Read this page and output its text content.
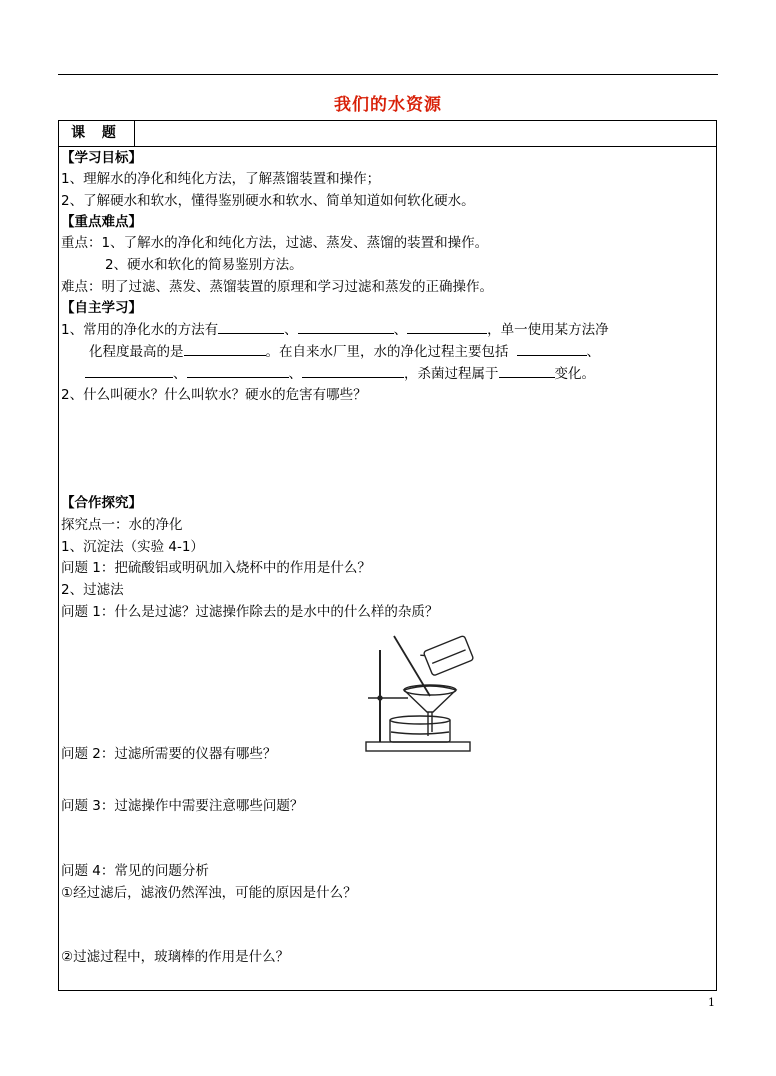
我们的水资源
课 题
【学习目标】
1、理解水的净化和纯化方法，了解蒸馏装置和操作；
2、了解硬水和软水，懂得鉴别硬水和软水、简单知道如何软化硬水。
【重点难点】
重点：1、了解水的净化和纯化方法，过滤、蒸发、蒸馏的装置和操作。
2、硬水和软化的简易鉴别方法。
难点：明了过滤、蒸发、蒸馏装置的原理和学习过滤和蒸发的正确操作。
【自主学习】
1、常用的净化水的方法有	、	、	，单一使用某方法净
化程度最高的是	。在自来水厂里，水的净化过程主要包括	、
、	、	，杀菌过程属于	变化。
2、什么叫硬水？什么叫软水？硬水的危害有哪些？
【合作探究】
探究点一：水的净化
1、沉淀法（实验 4-1）
问题 1：把硫酸铝或明矾加入烧杯中的作用是什么？
2、过滤法
问题 1：什么是过滤？过滤操作除去的是水中的什么样的杂质？
问题 2：过滤所需要的仪器有哪些？
问题 3：过滤操作中需要注意哪些问题？
问题 4：常见的问题分析
①经过滤后，滤液仍然浑浊，可能的原因是什么？
②过滤过程中，玻璃棒的作用是什么？
1
